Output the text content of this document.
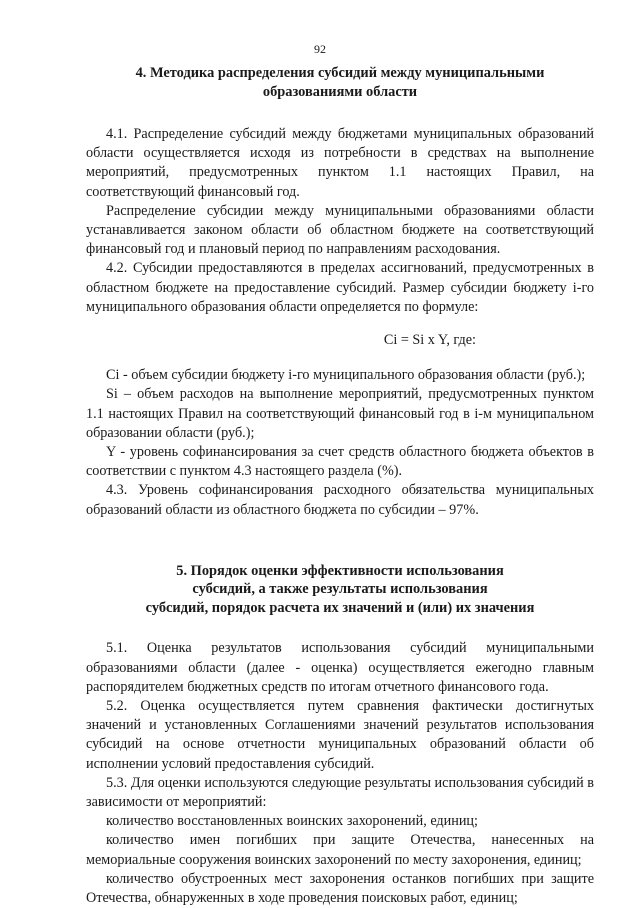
92
4. Методика распределения субсидий между муниципальными
образованиями области

4.1. Распределение субсидий между бюджетами муниципальных образований области осуществляется исходя из потребности в средствах на выполнение мероприятий, предусмотренных пунктом 1.1 настоящих Правил, на соответствующий финансовый год.

Распределение субсидии между муниципальными образованиями области устанавливается законом области об областном бюджете на соответствующий финансовый год и плановый период по направлениям расходования.

4.2. Субсидии предоставляются в пределах ассигнований, предусмотренных в областном бюджете на предоставление субсидий. Размер субсидии бюджету i-го муниципального образования области определяется по формуле:

Ci = Si x Y, где:

Ci - объем субсидии бюджету i-го муниципального образования области (руб.);

Si – объем расходов на выполнение мероприятий, предусмотренных пунктом 1.1 настоящих Правил на соответствующий финансовый год в i-м муниципальном образовании области (руб.);

Y - уровень софинансирования за счет средств областного бюджета объектов в соответствии с пунктом 4.3 настоящего раздела (%).

4.3. Уровень софинансирования расходного обязательства муниципальных образований области из областного бюджета по субсидии – 97%.

5. Порядок оценки эффективности использования
субсидий, а также результаты использования
субсидий, порядок расчета их значений и (или) их значения

5.1. Оценка результатов использования субсидий муниципальными образованиями области (далее - оценка) осуществляется ежегодно главным распорядителем бюджетных средств по итогам отчетного финансового года.

5.2. Оценка осуществляется путем сравнения фактически достигнутых значений и установленных Соглашениями значений результатов использования субсидий на основе отчетности муниципальных образований области об исполнении условий предоставления субсидий.

5.3. Для оценки используются следующие результаты использования субсидий в зависимости от мероприятий:

количество восстановленных воинских захоронений, единиц;

количество имен погибших при защите Отечества, нанесенных на мемориальные сооружения воинских захоронений по месту захоронения, единиц;

количество обустроенных мест захоронения останков погибших при защите Отечества, обнаруженных в ходе проведения поисковых работ, единиц;
